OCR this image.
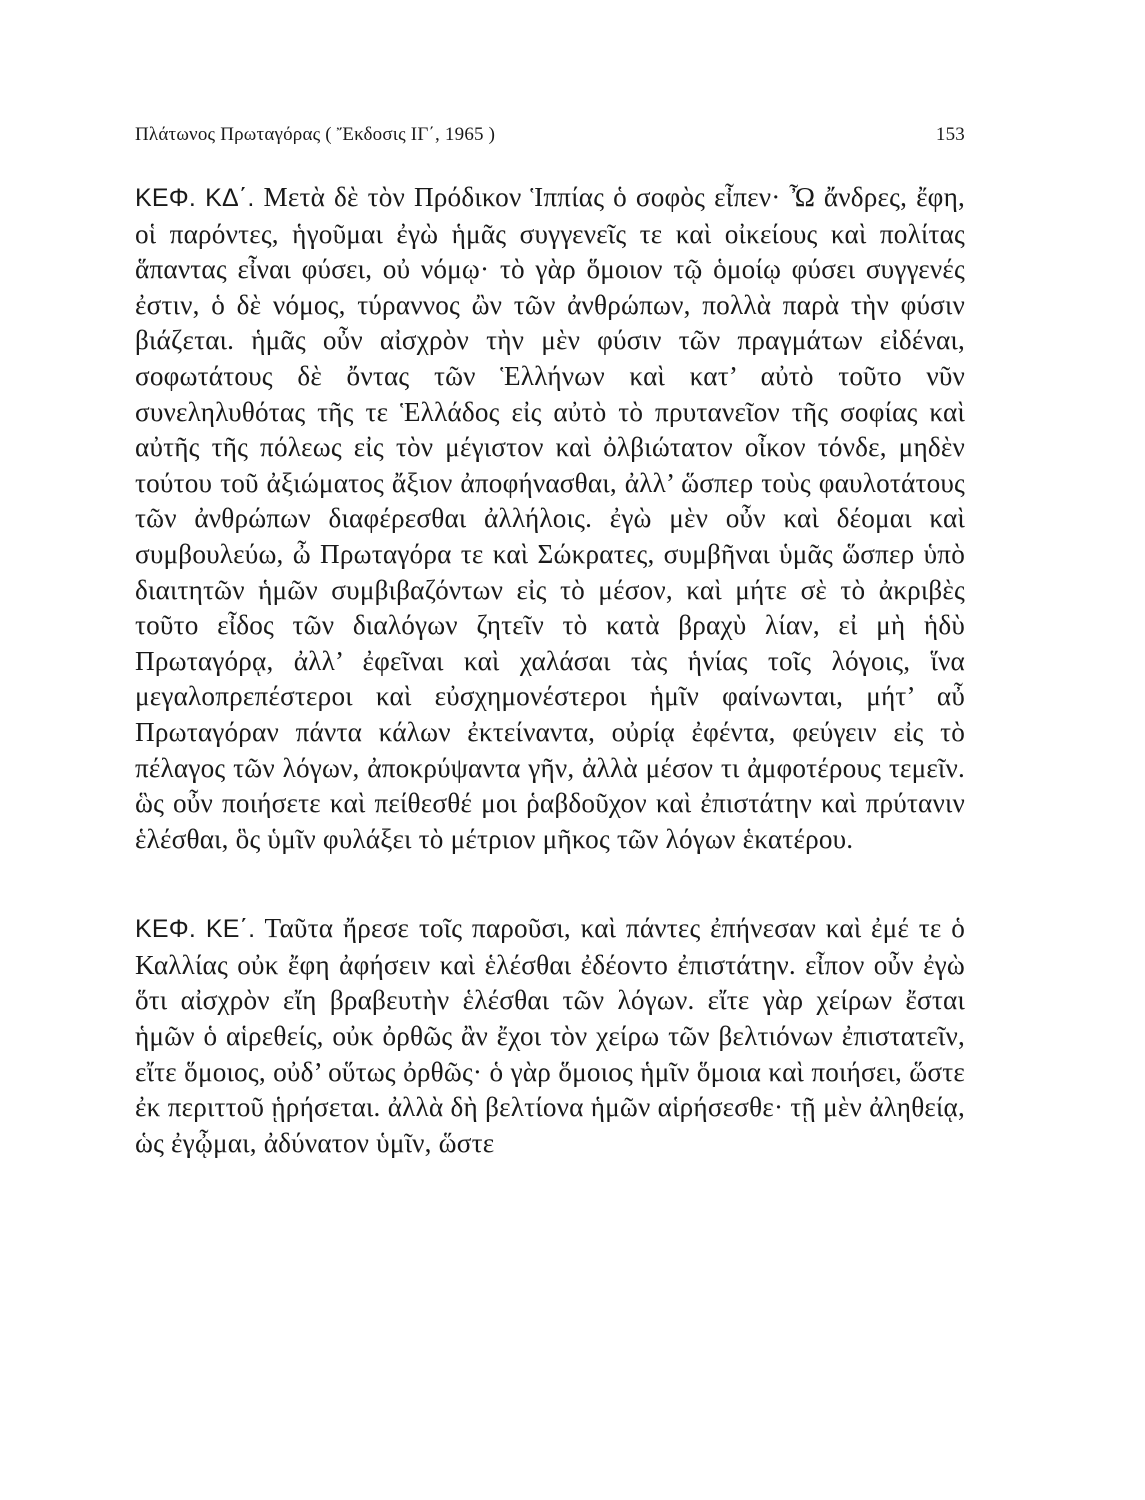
Πλάτωνος Πρωταγόρας ( Ἔκδοσις ΙΓ΄, 1965 )	153

ΚΕΦ. ΚΔ΄. Μετὰ δὲ τὸν Πρόδικον Ἱππίας ὁ σοφὸς εἶπεν· Ὦ ἄνδρες, ἔφη, οἱ παρόντες, ἡγοῦμαι ἐγὼ ἡμᾶς συγγενεῖς τε καὶ οἰκείους καὶ πολίτας ἅπαντας εἶναι φύσει, οὐ νόμῳ· τὸ γὰρ ὅμοιον τῷ ὁμοίῳ φύσει συγγενές ἐστιν, ὁ δὲ νόμος, τύραννος ὢν τῶν ἀνθρώπων, πολλὰ παρὰ τὴν φύσιν βιάζεται. ἡμᾶς οὖν αἰσχρὸν τὴν μὲν φύσιν τῶν πραγμάτων εἰδέναι, σοφωτάτους δὲ ὄντας τῶν Ἑλλήνων καὶ κατ’ αὐτὸ τοῦτο νῦν συνεληλυθότας τῆς τε Ἑλλάδος εἰς αὐτὸ τὸ πρυτανεῖον τῆς σοφίας καὶ αὐτῆς τῆς πόλεως εἰς τὸν μέγιστον καὶ ὀλβιώτατον οἶκον τόνδε, μηδὲν τούτου τοῦ ἀξιώματος ἄξιον ἀποφήνασθαι, ἀλλ’ ὥσπερ τοὺς φαυλοτάτους τῶν ἀνθρώπων διαφέρεσθαι ἀλλήλοις. ἐγὼ μὲν οὖν καὶ δέομαι καὶ συμβουλεύω, ὦ Πρωταγόρα τε καὶ Σώκρατες, συμβῆναι ὑμᾶς ὥσπερ ὑπὸ διαιτητῶν ἡμῶν συμβιβαζόντων εἰς τὸ μέσον, καὶ μήτε σὲ τὸ ἀκριβὲς τοῦτο εἶδος τῶν διαλόγων ζητεῖν τὸ κατὰ βραχὺ λίαν, εἰ μὴ ἡδὺ Πρωταγόρᾳ, ἀλλ’ ἐφεῖναι καὶ χαλάσαι τὰς ἡνίας τοῖς λόγοις, ἵνα μεγαλοπρεπέστεροι καὶ εὐσχημονέστεροι ἡμῖν φαίνωνται, μήτ’ αὖ Πρωταγόραν πάντα κάλων ἐκτείναντα, οὐρίᾳ ἐφέντα, φεύγειν εἰς τὸ πέλαγος τῶν λόγων, ἀποκρύψαντα γῆν, ἀλλὰ μέσον τι ἀμφοτέρους τεμεῖν. ὣς οὖν ποιήσετε καὶ πείθεσθέ μοι ῥαβδοῦχον καὶ ἐπιστάτην καὶ πρύτανιν ἑλέσθαι, ὃς ὑμῖν φυλάξει τὸ μέτριον μῆκος τῶν λόγων ἑκατέρου.

ΚΕΦ. ΚΕ΄. Ταῦτα ἤρεσε τοῖς παροῦσι, καὶ πάντες ἐπήνεσαν καὶ ἐμέ τε ὁ Καλλίας οὐκ ἔφη ἀφήσειν καὶ ἑλέσθαι ἐδέοντο ἐπιστάτην. εἶπον οὖν ἐγὼ ὅτι αἰσχρὸν εἴη βραβευτὴν ἑλέσθαι τῶν λόγων. εἴτε γὰρ χείρων ἔσται ἡμῶν ὁ αἱρεθείς, οὐκ ὀρθῶς ἂν ἔχοι τὸν χείρω τῶν βελτιόνων ἐπιστατεῖν, εἴτε ὅμοιος, οὐδ’ οὕτως ὀρθῶς· ὁ γὰρ ὅμοιος ἡμῖν ὅμοια καὶ ποιήσει, ὥστε ἐκ περιττοῦ ᾑρήσεται. ἀλλὰ δὴ βελτίονα ἡμῶν αἱρήσεσθε· τῇ μὲν ἀληθείᾳ, ὡς ἐγᾦμαι, ἀδύνατον ὑμῖν, ὥστε
